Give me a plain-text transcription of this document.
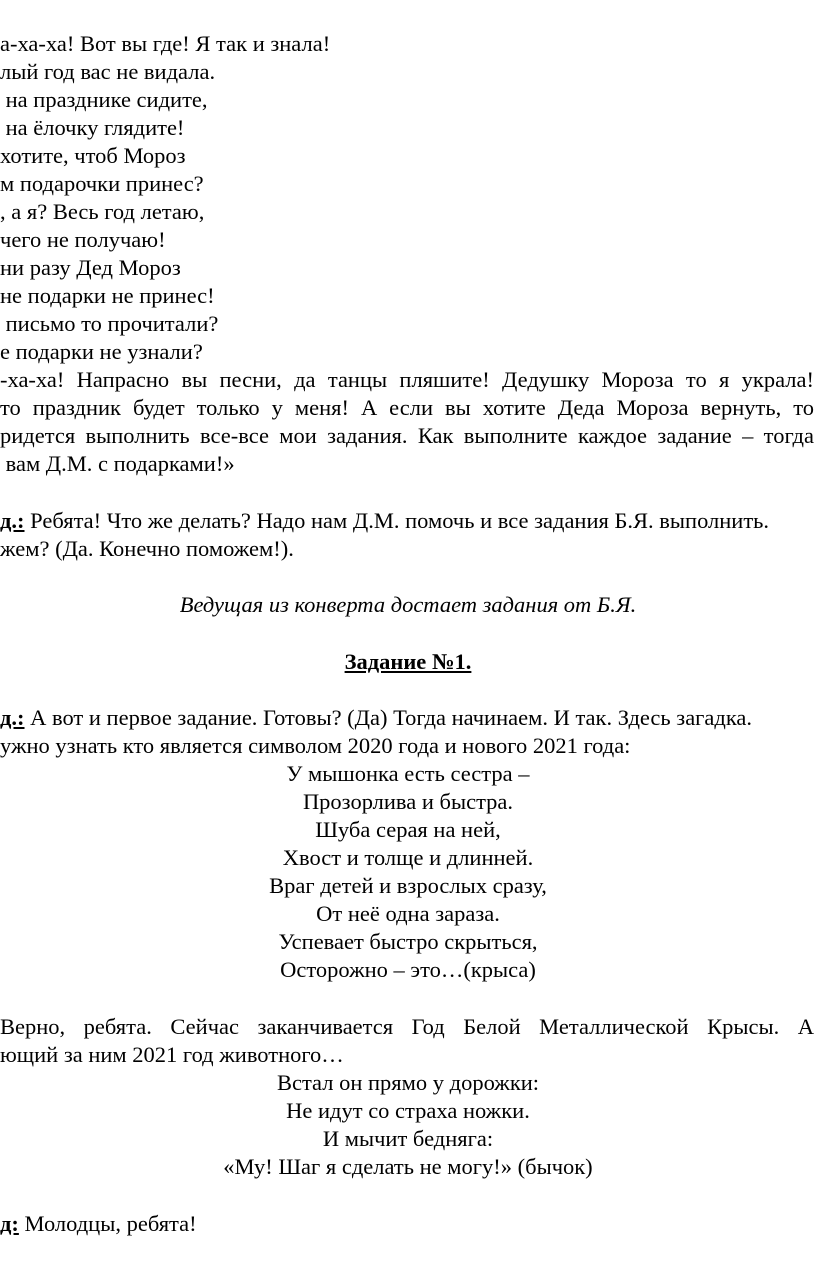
а-ха-ха! Вот вы где! Я так и знала!
лый год вас не видала.
на празднике сидите,
на ёлочку глядите!
хотите, чтоб Мороз
м подарочки принес?
, а я? Весь год летаю,
чего не получаю!
ни разу Дед Мороз
не подарки не принес!
письмо то прочитали?
е подарки не узнали?
-ха-ха! Напрасно вы песни, да танцы пляшите! Дедушку Мороза то я украла!
то праздник будет только у меня! А если вы хотите Деда Мороза вернуть, то
ридется выполнить все-все мои задания. Как выполните каждое задание – тогда
вам Д.М. с подарками!»
д.: Ребята! Что же делать? Надо нам Д.М. помочь и все задания Б.Я. выполнить.
жем? (Да. Конечно поможем!).
Ведущая из конверта достает задания от Б.Я.
Задание №1.
д.: А вот и первое задание. Готовы? (Да) Тогда начинаем. И так. Здесь загадка.
ужно узнать кто является символом 2020 года и нового 2021 года:
У мышонка есть сестра –
Прозорлива и быстра.
Шуба серая на ней,
Хвост и толще и длинней.
Враг детей и взрослых сразу,
От неё одна зараза.
Успевает быстро скрыться,
Осторожно – это…(крыса)
Верно, ребята. Сейчас заканчивается Год Белой Металлической Крысы. А
ющий за ним 2021 год животного…
Встал он прямо у дорожки:
Не идут со страха ножки.
И мычит бедняга:
«Му! Шаг я сделать не могу!» (бычок)
д: Молодцы, ребята!
